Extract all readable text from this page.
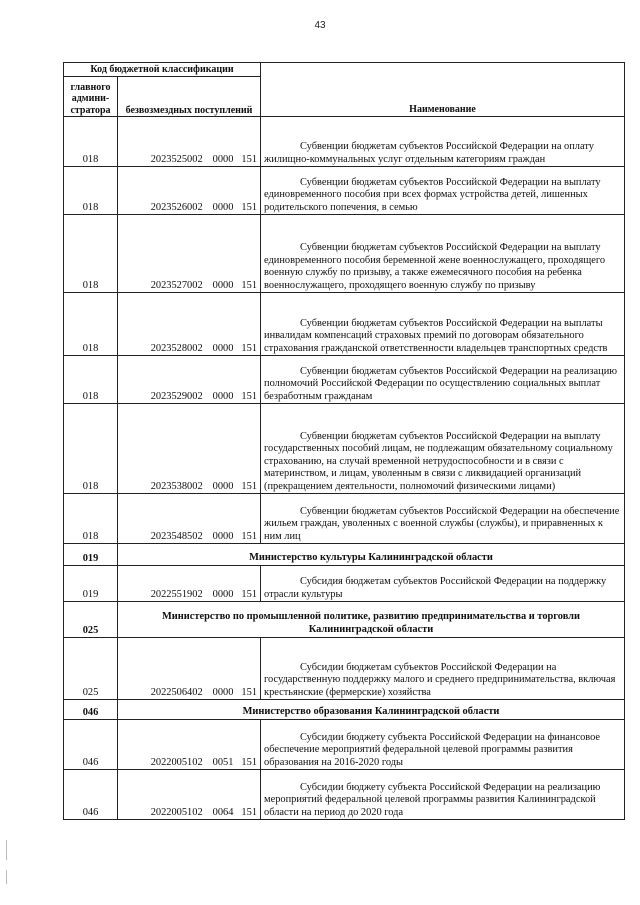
43
Код бюджетной классификации		Наименование
главного админи-стратора	безвозмездных поступлений	
018	2023525002 0000 151	Субвенции бюджетам субъектов Российской Федерации на оплату жилищно-коммунальных услуг отдельным категориям граждан

018	2023526002 0000 151	Субвенции бюджетам субъектов Российской Федерации на выплату единовременного пособия при всех формах устройства детей, лишенных родительского попечения, в семью

018	2023527002 0000 151	Субвенции бюджетам субъектов Российской Федерации на выплату единовременного пособия беременной жене военнослужащего, проходящего военную службу по призыву, а также ежемесячного пособия на ребенка военнослужащего, проходящего военную службу по призыву

018	2023528002 0000 151	Субвенции бюджетам субъектов Российской Федерации на выплаты инвалидам компенсаций страховых премий по договорам обязательного страхования гражданской ответственности владельцев транспортных средств

018	2023529002 0000 151	Субвенции бюджетам субъектов Российской Федерации на реализацию полномочий Российской Федерации по осуществлению социальных выплат безработным гражданам

018	2023538002 0000 151	Субвенции бюджетам субъектов Российской Федерации на выплату государственных пособий лицам, не подлежащим обязательному социальному страхованию, на случай временной нетрудоспособности и в связи с материнством, и лицам, уволенным в связи с ликвидацией организаций (прекращением деятельности, полномочий физическими лицами)

018	2023548502 0000 151	Субвенции бюджетам субъектов Российской Федерации на обеспечение жильем граждан, уволенных с военной службы (службы), и приравненных к ним лиц

019	Министерство культуры Калининградской области	
019	2022551902 0000 151	Субсидия бюджетам субъектов Российской Федерации на поддержку отрасли культуры

025	Министерство по промышленной политике, развитию предпринимательства и торговли Калининградской области	
025	2022506402 0000 151	Субсидии бюджетам субъектов Российской Федерации на государственную поддержку малого и среднего предпринимательства, включая крестьянские (фермерские) хозяйства

046	Министерство образования Калининградской области	
046	2022005102 0051 151	Субсидии бюджету субъекта Российской Федерации на финансовое обеспечение мероприятий федеральной целевой программы развития образования на 2016-2020 годы

046	2022005102 0064 151	Субсидии бюджету субъекта Российской Федерации на реализацию мероприятий федеральной целевой программы развития Калининградской области на период до 2020 года
